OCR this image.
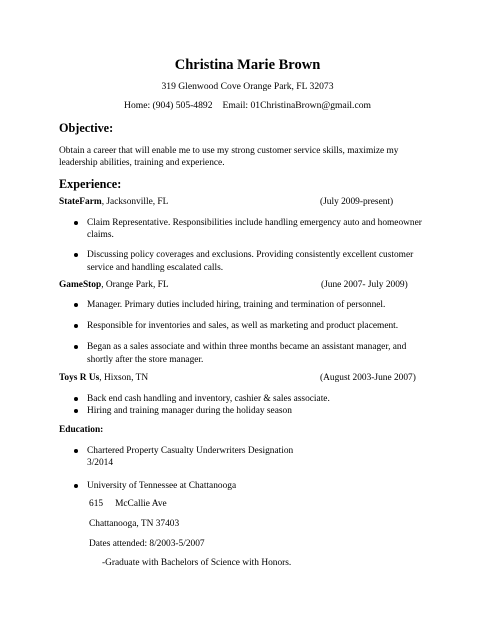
Christina Marie Brown
319 Glenwood Cove Orange Park, FL 32073
Home: (904) 505-4892 Email: 01ChristinaBrown@gmail.com
Objective:
Obtain a career that will enable me to use my strong customer service skills, maximize my leadership abilities, training and experience.
Experience:
StateFarm, Jacksonville, FL	(July 2009-present)
Claim Representative. Responsibilities include handling emergency auto and homeowner claims.
Discussing policy coverages and exclusions. Providing consistently excellent customer service and handling escalated calls.
GameStop, Orange Park, FL	(June 2007- July 2009)
Manager. Primary duties included hiring, training and termination of personnel.
Responsible for inventories and sales, as well as marketing and product placement.
Began as a sales associate and within three months became an assistant manager, and shortly after the store manager.
Toys R Us, Hixson, TN	(August 2003-June 2007)
Back end cash handling and inventory, cashier & sales associate.
Hiring and training manager during the holiday season
Education:
Chartered Property Casualty Underwriters Designation 3/2014
University of Tennessee at Chattanooga
615 McCallie Ave
Chattanooga, TN 37403
Dates attended: 8/2003-5/2007
-Graduate with Bachelors of Science with Honors.
